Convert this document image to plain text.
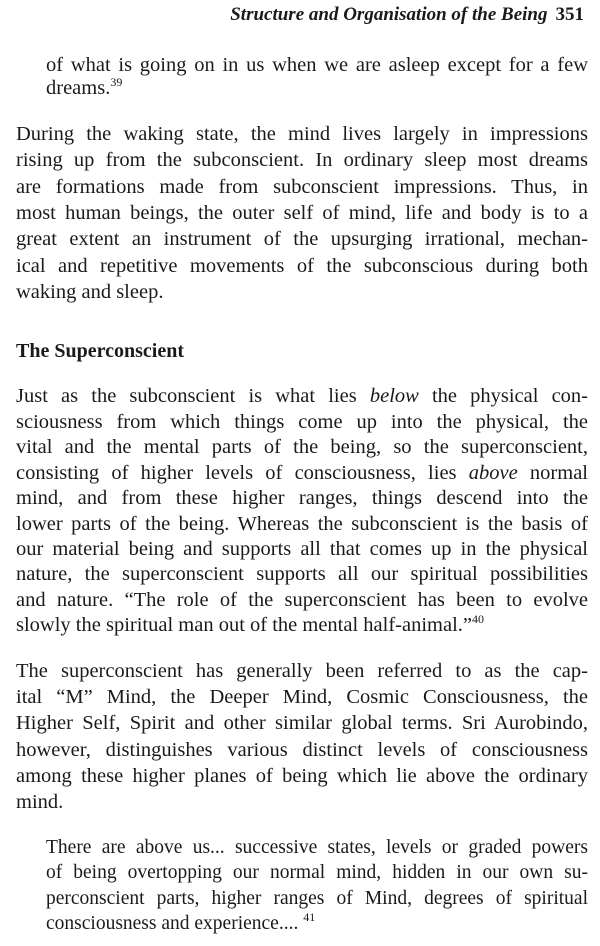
Structure and Organisation of the Being 351
of what is going on in us when we are asleep except for a few
dreams.$^{39}$
During the waking state, the mind lives largely in impressions
rising up from the subconscient. In ordinary sleep most dreams
are formations made from subconscient impressions. Thus, in
most human beings, the outer self of mind, life and body is to a
great extent an instrument of the upsurging irrational, mechan-
ical and repetitive movements of the subconscious during both
waking and sleep.
The Superconscient
Just as the subconscient is what lies below the physical con-
sciousness from which things come up into the physical, the
vital and the mental parts of the being, so the superconscient,
consisting of higher levels of consciousness, lies above normal
mind, and from these higher ranges, things descend into the
lower parts of the being. Whereas the subconscient is the basis of
our material being and supports all that comes up in the physical
nature, the superconscient supports all our spiritual possibilities
and nature. “The role of the superconscient has been to evolve
slowly the spiritual man out of the mental half-animal.”$^{40}$
The superconscient has generally been referred to as the cap-
ital “M” Mind, the Deeper Mind, Cosmic Consciousness, the
Higher Self, Spirit and other similar global terms. Sri Aurobindo,
however, distinguishes various distinct levels of consciousness
among these higher planes of being which lie above the ordinary
mind.
There are above us... successive states, levels or graded powers
of being overtopping our normal mind, hidden in our own su-
perconscient parts, higher ranges of Mind, degrees of spiritual
consciousness and experience.... $^{41}$
